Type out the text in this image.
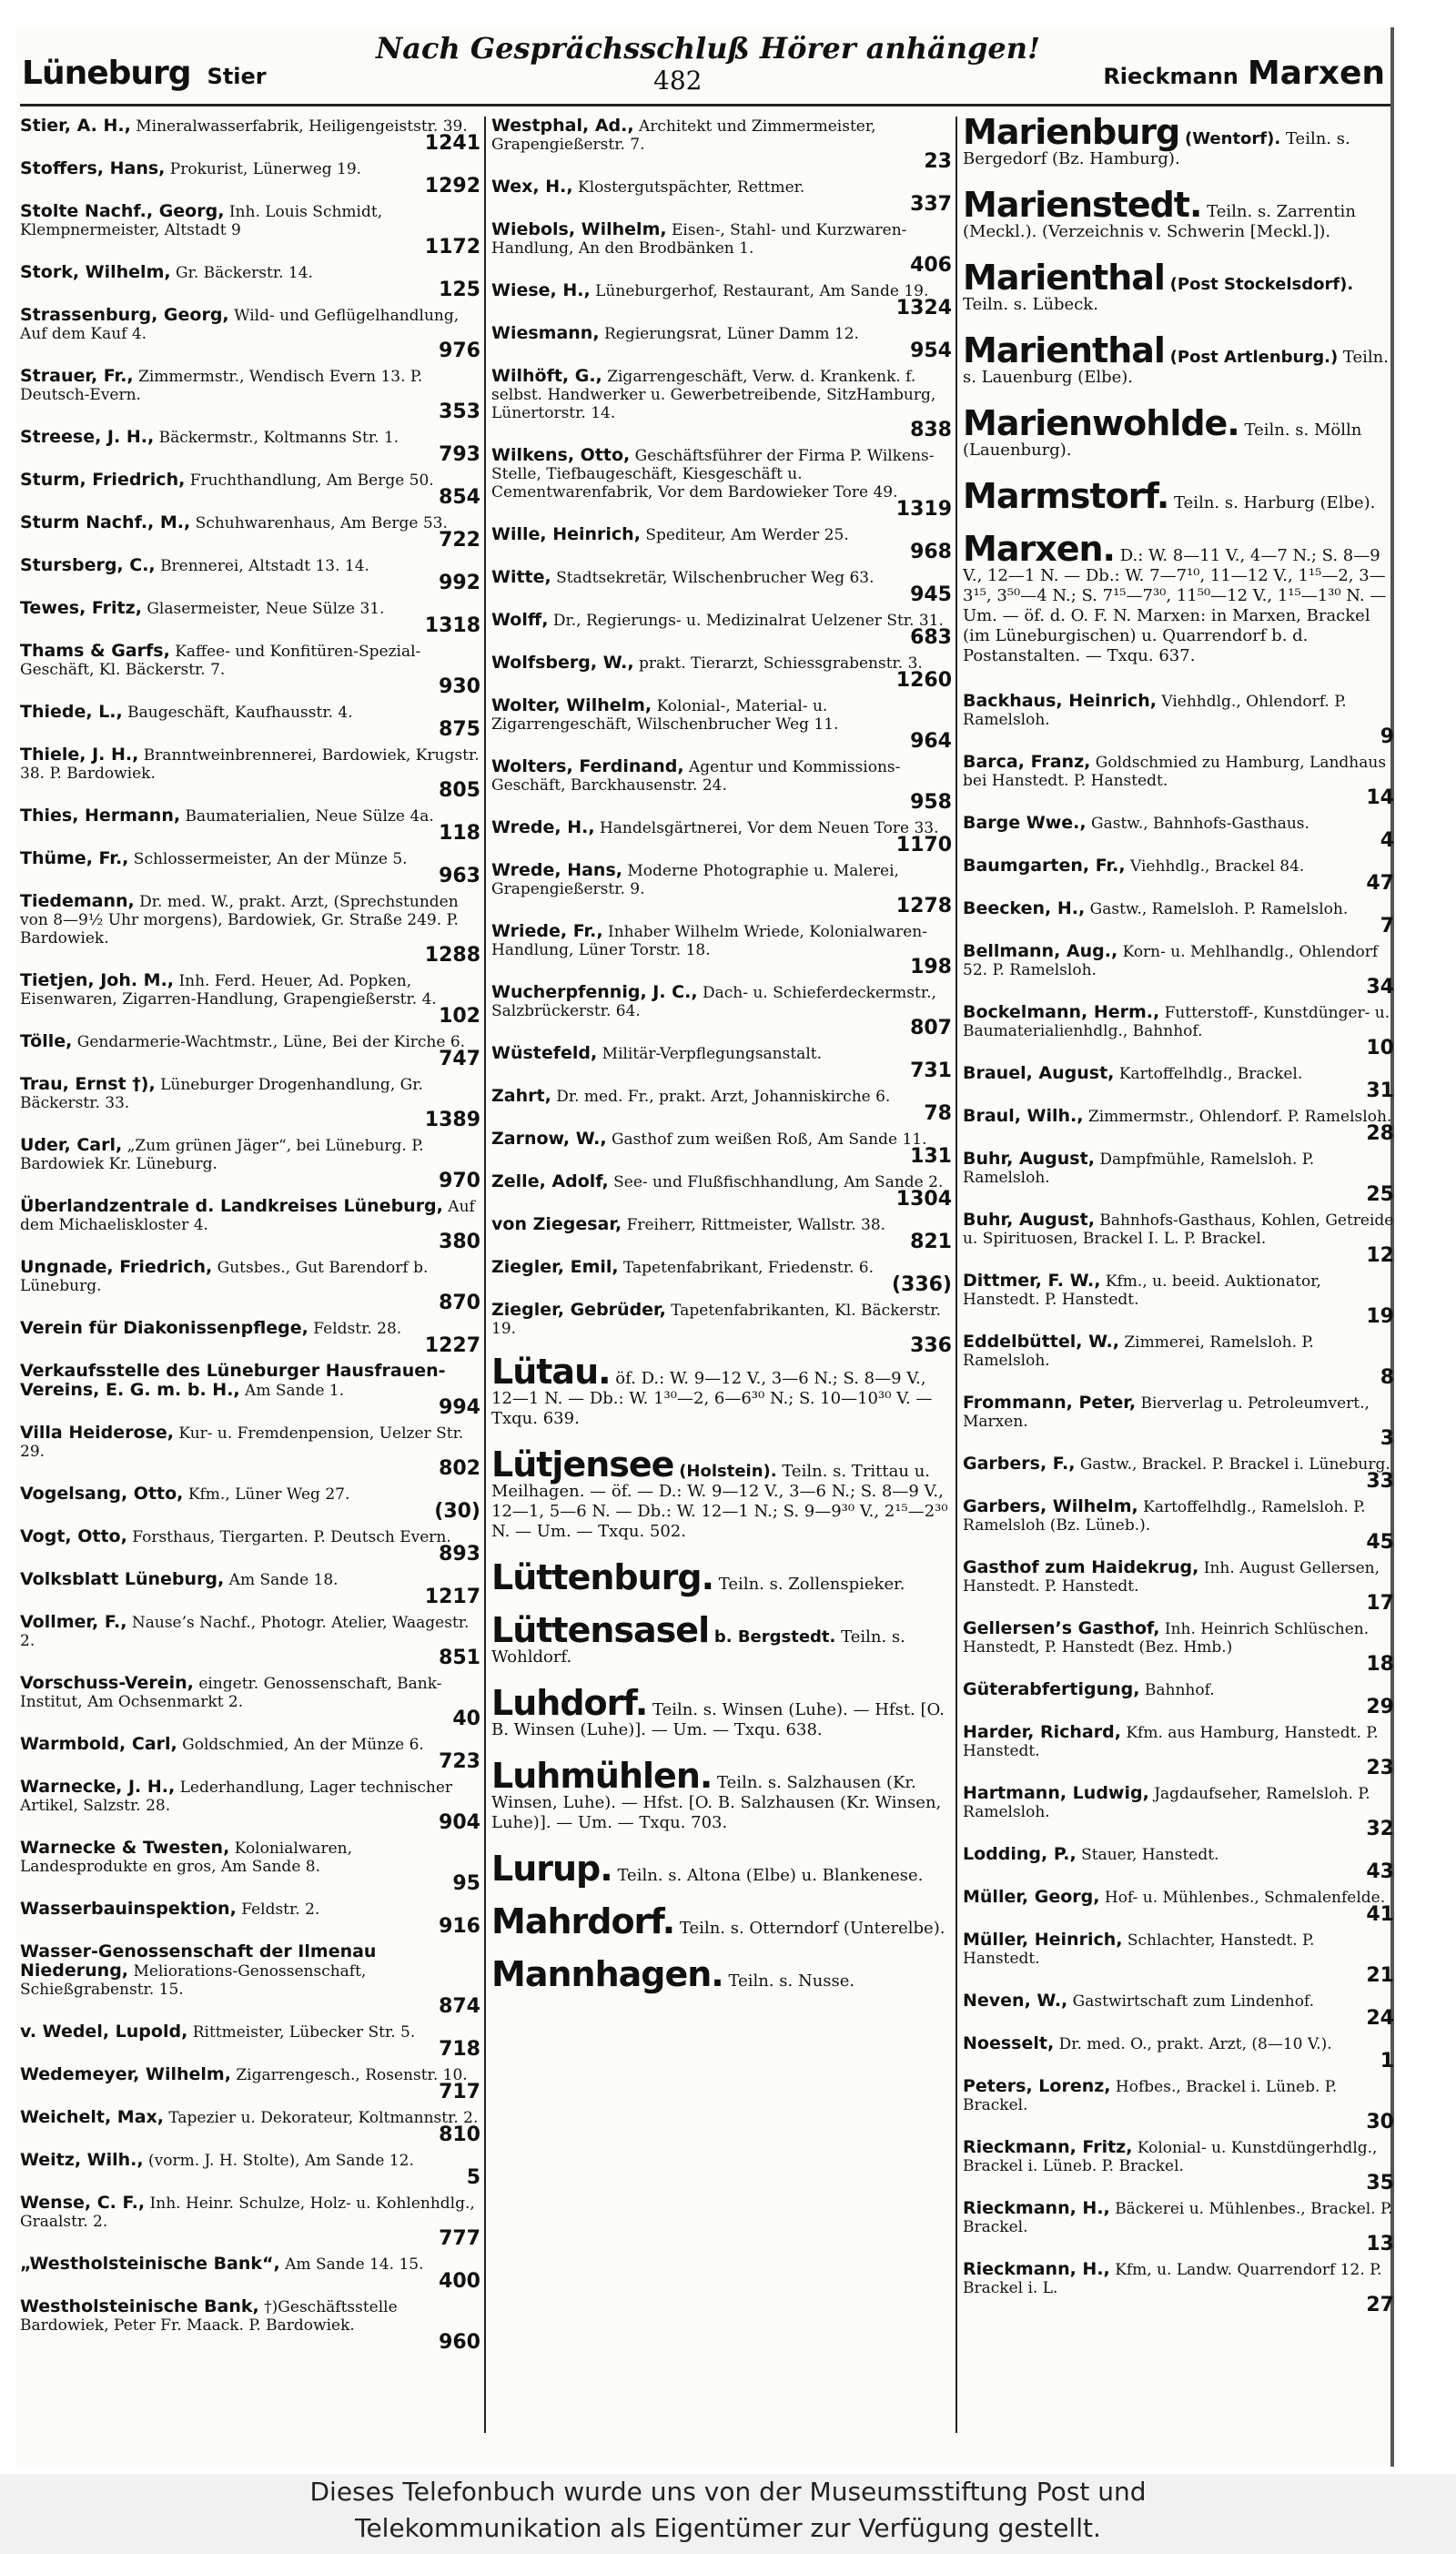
Lüneburg Stier
Nach Gesprächsschluß Hörer anhängen!
482	Rieckmann Marxen
Stier, A. H., Mineralwasserfabrik, Heiligengeiststr. 39.
1241
Stoffers, Hans, Prokurist, Lünerweg 19.
1292
Stolte Nachf., Georg, Inh. Louis Schmidt, Klempnermeister, Altstadt 9
1172
Stork, Wilhelm, Gr. Bäckerstr. 14.
125
Strassenburg, Georg, Wild- und Geflügelhandlung, Auf dem Kauf 4.
976
Strauer, Fr., Zimmermstr., Wendisch Evern 13. P. Deutsch-Evern.
353
Streese, J. H., Bäckermstr., Koltmanns Str. 1.
793
Sturm, Friedrich, Fruchthandlung, Am Berge 50.
854
Sturm Nachf., M., Schuhwarenhaus, Am Berge 53.
722
Stursberg, C., Brennerei, Altstadt 13. 14.
992
Tewes, Fritz, Glasermeister, Neue Sülze 31.
1318
Thams & Garfs, Kaffee- und Konfitüren-Spezial-Geschäft, Kl. Bäckerstr. 7.
930
Thiede, L., Baugeschäft, Kaufhausstr. 4.
875
Thiele, J. H., Branntweinbrennerei, Bardowiek, Krugstr. 38. P. Bardowiek.
805
Thies, Hermann, Baumaterialien, Neue Sülze 4a.
118
Thüme, Fr., Schlossermeister, An der Münze 5.
963
Tiedemann, Dr. med. W., prakt. Arzt, (Sprechstunden von 8—9½ Uhr morgens), Bardowiek, Gr. Straße 249. P. Bardowiek.
1288
Tietjen, Joh. M., Inh. Ferd. Heuer, Ad. Popken, Eisenwaren, Zigarren-Handlung, Grapengießerstr. 4.
102
Tölle, Gendarmerie-Wachtmstr., Lüne, Bei der Kirche 6.
747
Trau, Ernst †), Lüneburger Drogenhandlung, Gr. Bäckerstr. 33.
1389
Uder, Carl, „Zum grünen Jäger“, bei Lüneburg. P. Bardowiek Kr. Lüneburg.
970
Überlandzentrale d. Landkreises Lüneburg, Auf dem Michaeliskloster 4.
380
Ungnade, Friedrich, Gutsbes., Gut Barendorf b. Lüneburg.
870
Verein für Diakonissenpflege, Feldstr. 28.
1227
Verkaufsstelle des Lüneburger Hausfrauen-Vereins, E. G. m. b. H., Am Sande 1.
994
Villa Heiderose, Kur- u. Fremdenpension, Uelzer Str. 29.
802
Vogelsang, Otto, Kfm., Lüner Weg 27.
(30)
Vogt, Otto, Forsthaus, Tiergarten. P. Deutsch Evern.
893
Volksblatt Lüneburg, Am Sande 18.
1217
Vollmer, F., Nause’s Nachf., Photogr. Atelier, Waagestr. 2.
851
Vorschuss-Verein, eingetr. Genossenschaft, Bank-Institut, Am Ochsenmarkt 2.
40
Warmbold, Carl, Goldschmied, An der Münze 6.
723
Warnecke, J. H., Lederhandlung, Lager technischer Artikel, Salzstr. 28.
904
Warnecke & Twesten, Kolonialwaren, Landesprodukte en gros, Am Sande 8.
95
Wasserbauinspektion, Feldstr. 2.
916
Wasser-Genossenschaft der Ilmenau Niederung, Meliorations-Genossenschaft, Schießgrabenstr. 15.
874
v. Wedel, Lupold, Rittmeister, Lübecker Str. 5.
718
Wedemeyer, Wilhelm, Zigarrengesch., Rosenstr. 10.
717
Weichelt, Max, Tapezier u. Dekorateur, Koltmannstr. 2.
810
Weitz, Wilh., (vorm. J. H. Stolte), Am Sande 12.
5
Wense, C. F., Inh. Heinr. Schulze, Holz- u. Kohlenhdlg., Graalstr. 2.
777
„Westholsteinische Bank“, Am Sande 14. 15.
400
Westholsteinische Bank, †)Geschäftsstelle Bardowiek, Peter Fr. Maack. P. Bardowiek.
960
Westphal, Ad., Architekt und Zimmermeister, Grapengießerstr. 7.
23
Wex, H., Klostergutspächter, Rettmer.
337
Wiebols, Wilhelm, Eisen-, Stahl- und Kurzwaren-Handlung, An den Brodbänken 1.
406
Wiese, H., Lüneburgerhof, Restaurant, Am Sande 19.
1324
Wiesmann, Regierungsrat, Lüner Damm 12.
954
Wilhöft, G., Zigarrengeschäft, Verw. d. Krankenk. f. selbst. Handwerker u. Gewerbetreibende, SitzHamburg, Lünertorstr. 14.
838
Wilkens, Otto, Geschäftsführer der Firma P. Wilkens-Stelle, Tiefbaugeschäft, Kiesgeschäft u. Cementwarenfabrik, Vor dem Bardowieker Tore 49.
1319
Wille, Heinrich, Spediteur, Am Werder 25.
968
Witte, Stadtsekretär, Wilschenbrucher Weg 63.
945
Wolff, Dr., Regierungs- u. Medizinalrat Uelzener Str. 31.
683
Wolfsberg, W., prakt. Tierarzt, Schiessgrabenstr. 3.
1260
Wolter, Wilhelm, Kolonial-, Material- u. Zigarrengeschäft, Wilschenbrucher Weg 11.
964
Wolters, Ferdinand, Agentur und Kommissions-Geschäft, Barckhausenstr. 24.
958
Wrede, H., Handelsgärtnerei, Vor dem Neuen Tore 33.
1170
Wrede, Hans, Moderne Photographie u. Malerei, Grapengießerstr. 9.
1278
Wriede, Fr., Inhaber Wilhelm Wriede, Kolonialwaren-Handlung, Lüner Torstr. 18.
198
Wucherpfennig, J. C., Dach- u. Schieferdeckermstr., Salzbrückerstr. 64.
807
Wüstefeld, Militär-Verpflegungsanstalt.
731
Zahrt, Dr. med. Fr., prakt. Arzt, Johanniskirche 6.
78
Zarnow, W., Gasthof zum weißen Roß, Am Sande 11.
131
Zelle, Adolf, See- und Flußfischhandlung, Am Sande 2.
1304
von Ziegesar, Freiherr, Rittmeister, Wallstr. 38.
821
Ziegler, Emil, Tapetenfabrikant, Friedenstr. 6.
(336)
Ziegler, Gebrüder, Tapetenfabrikanten, Kl. Bäckerstr. 19.
336
Lütau. öf. D.: W. 9—12 V., 3—6 N.; S. 8—9 V., 12—1 N. — Db.: W. 1³⁰—2, 6—6³⁰ N.; S. 10—10³⁰ V. — Txqu. 639.
Lütjensee (Holstein). Teiln. s. Trittau u. Meilhagen. — öf. — D.: W. 9—12 V., 3—6 N.; S. 8—9 V., 12—1, 5—6 N. — Db.: W. 12—1 N.; S. 9—9³⁰ V., 2¹⁵—2³⁰ N. — Um. — Txqu. 502.
Lüttenburg. Teiln. s. Zollenspieker.
Lüttensasel b. Bergstedt. Teiln. s. Wohldorf.
Luhdorf. Teiln. s. Winsen (Luhe). — Hfst. [O. B. Winsen (Luhe)]. — Um. — Txqu. 638.
Luhmühlen. Teiln. s. Salzhausen (Kr. Winsen, Luhe). — Hfst. [O. B. Salzhausen (Kr. Winsen, Luhe)]. — Um. — Txqu. 703.
Lurup. Teiln. s. Altona (Elbe) u. Blankenese.
Mahrdorf. Teiln. s. Otterndorf (Unterelbe).
Mannhagen. Teiln. s. Nusse.
Marienburg (Wentorf). Teiln. s. Bergedorf (Bz. Hamburg).
Marienstedt. Teiln. s. Zarrentin (Meckl.). (Verzeichnis v. Schwerin [Meckl.]).
Marienthal (Post Stockelsdorf). Teiln. s. Lübeck.
Marienthal (Post Artlenburg.) Teiln. s. Lauenburg (Elbe).
Marienwohlde. Teiln. s. Mölln (Lauenburg).
Marmstorf. Teiln. s. Harburg (Elbe).
Marxen. D.: W. 8—11 V., 4—7 N.; S. 8—9 V., 12—1 N. — Db.: W. 7—7¹⁰, 11—12 V., 1¹⁵—2, 3—3¹⁵, 3⁵⁰—4 N.; S. 7¹⁵—7³⁰, 11⁵⁰—12 V., 1¹⁵—1³⁰ N. — Um. — öf. d. O. F. N. Marxen: in Marxen, Brackel (im Lüneburgischen) u. Quarrendorf b. d. Postanstalten. — Txqu. 637.
Backhaus, Heinrich, Viehhdlg., Ohlendorf. P. Ramelsloh.
9
Barca, Franz, Goldschmied zu Hamburg, Landhaus bei Hanstedt. P. Hanstedt.
14
Barge Wwe., Gastw., Bahnhofs-Gasthaus.
4
Baumgarten, Fr., Viehhdlg., Brackel 84.
47
Beecken, H., Gastw., Ramelsloh. P. Ramelsloh.
7
Bellmann, Aug., Korn- u. Mehlhandlg., Ohlendorf 52. P. Ramelsloh.
34
Bockelmann, Herm., Futterstoff-, Kunstdünger- u. Baumaterialienhdlg., Bahnhof.
10
Brauel, August, Kartoffelhdlg., Brackel.
31
Braul, Wilh., Zimmermstr., Ohlendorf. P. Ramelsloh.
28
Buhr, August, Dampfmühle, Ramelsloh. P. Ramelsloh.
25
Buhr, August, Bahnhofs-Gasthaus, Kohlen, Getreide u. Spirituosen, Brackel I. L. P. Brackel.
12
Dittmer, F. W., Kfm., u. beeid. Auktionator, Hanstedt. P. Hanstedt.
19
Eddelbüttel, W., Zimmerei, Ramelsloh. P. Ramelsloh.
8
Frommann, Peter, Bierverlag u. Petroleumvert., Marxen.
3
Garbers, F., Gastw., Brackel. P. Brackel i. Lüneburg.
33
Garbers, Wilhelm, Kartoffelhdlg., Ramelsloh. P. Ramelsloh (Bz. Lüneb.).
45
Gasthof zum Haidekrug, Inh. August Gellersen, Hanstedt. P. Hanstedt.
17
Gellersen’s Gasthof, Inh. Heinrich Schlüschen. Hanstedt, P. Hanstedt (Bez. Hmb.)
18
Güterabfertigung, Bahnhof.
29
Harder, Richard, Kfm. aus Hamburg, Hanstedt. P. Hanstedt.
23
Hartmann, Ludwig, Jagdaufseher, Ramelsloh. P. Ramelsloh.
32
Lodding, P., Stauer, Hanstedt.
43
Müller, Georg, Hof- u. Mühlenbes., Schmalenfelde.
41
Müller, Heinrich, Schlachter, Hanstedt. P. Hanstedt.
21
Neven, W., Gastwirtschaft zum Lindenhof.
24
Noesselt, Dr. med. O., prakt. Arzt, (8—10 V.).
1
Peters, Lorenz, Hofbes., Brackel i. Lüneb. P. Brackel.
30
Rieckmann, Fritz, Kolonial- u. Kunstdüngerhdlg., Brackel i. Lüneb. P. Brackel.
35
Rieckmann, H., Bäckerei u. Mühlenbes., Brackel. P. Brackel.
13
Rieckmann, H., Kfm, u. Landw. Quarrendorf 12. P. Brackel i. L.
27
Dieses Telefonbuch wurde uns von der Museumsstiftung Post und
Telekommunikation als Eigentümer zur Verfügung gestellt.
